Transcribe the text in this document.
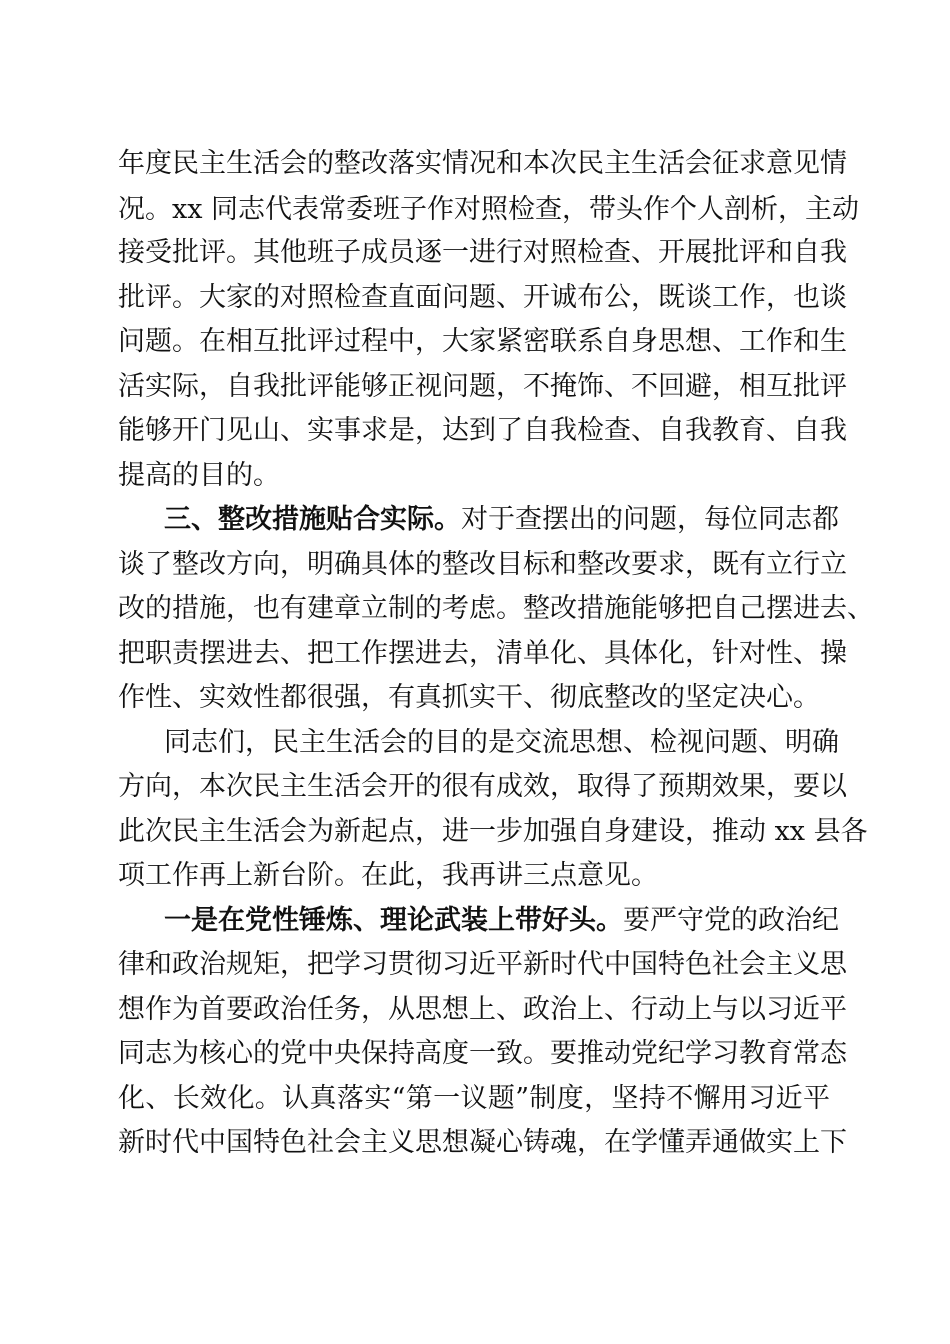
年度民主生活会的整改落实情况和本次民主生活会征求意见情
况。xx 同志代表常委班子作对照检查，带头作个人剖析，主动
接受批评。其他班子成员逐一进行对照检查、开展批评和自我
批评。大家的对照检查直面问题、开诚布公，既谈工作，也谈
问题。在相互批评过程中，大家紧密联系自身思想、工作和生
活实际，自我批评能够正视问题，不掩饰、不回避，相互批评
能够开门见山、实事求是，达到了自我检查、自我教育、自我
提高的目的。
三、整改措施贴合实际。对于查摆出的问题，每位同志都
谈了整改方向，明确具体的整改目标和整改要求，既有立行立
改的措施，也有建章立制的考虑。整改措施能够把自己摆进去、
把职责摆进去、把工作摆进去，清单化、具体化，针对性、操
作性、实效性都很强，有真抓实干、彻底整改的坚定决心。
同志们，民主生活会的目的是交流思想、检视问题、明确
方向，本次民主生活会开的很有成效，取得了预期效果，要以
此次民主生活会为新起点，进一步加强自身建设，推动 xx 县各
项工作再上新台阶。在此，我再讲三点意见。
一是在党性锤炼、理论武装上带好头。要严守党的政治纪
律和政治规矩，把学习贯彻习近平新时代中国特色社会主义思
想作为首要政治任务，从思想上、政治上、行动上与以习近平
同志为核心的党中央保持高度一致。要推动党纪学习教育常态
化、长效化。认真落实“第一议题”制度，坚持不懈用习近平
新时代中国特色社会主义思想凝心铸魂，在学懂弄通做实上下
